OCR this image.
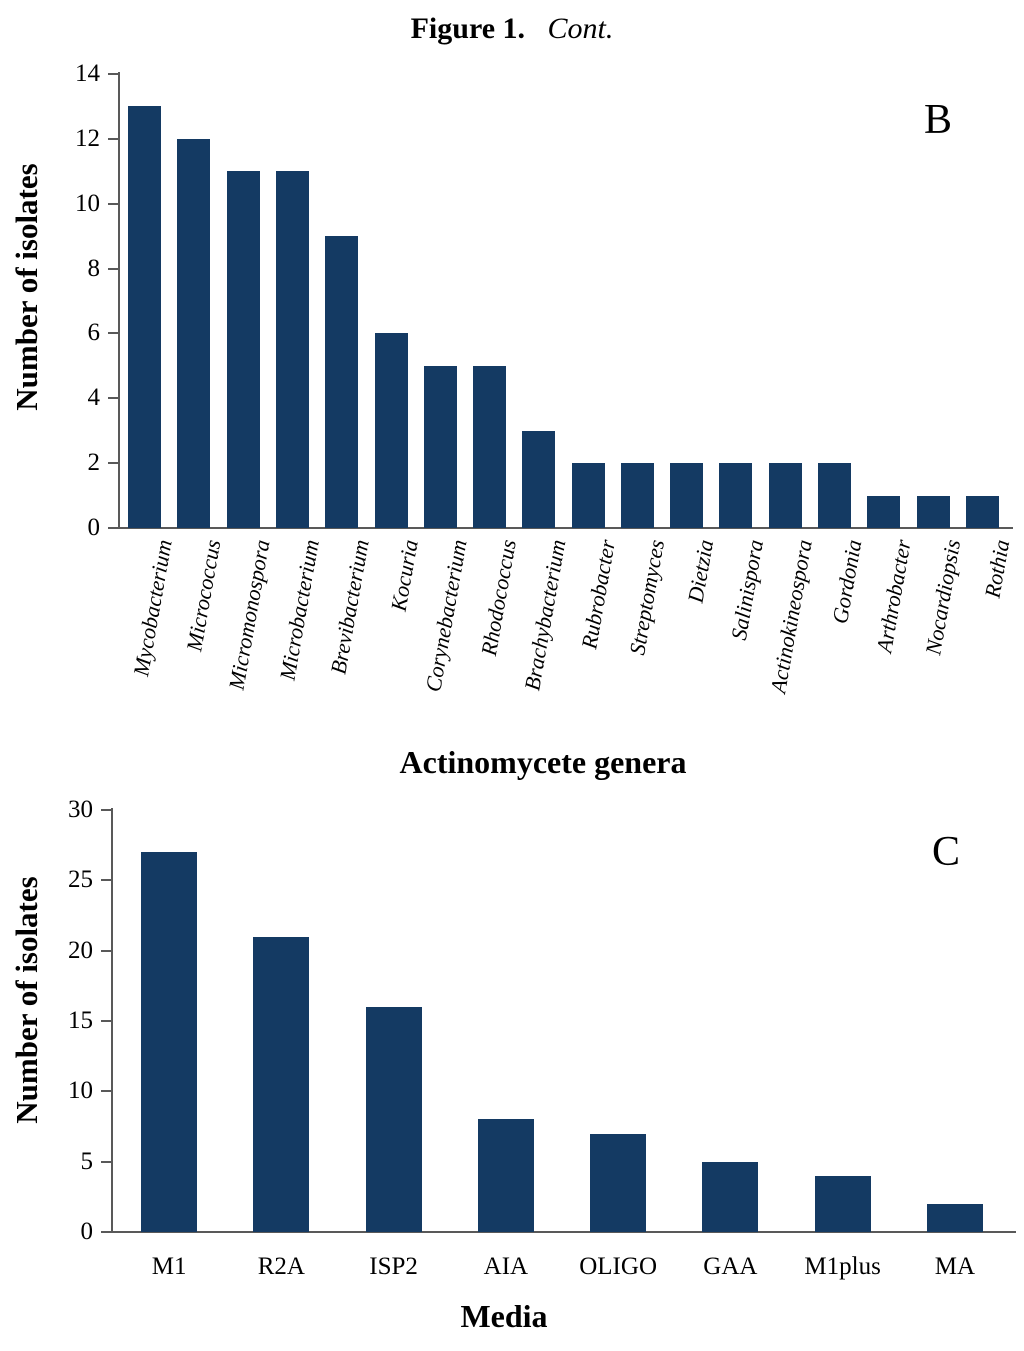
Figure 1. Cont.
Number of isolates
B
Actinomycete genera
Number of isolates
C
Media
0
2
4
6
8
10
12
14
Mycobacterium Micrococcus
Micromonospora Microbacterium Brevibacterium Kocuria
Corynebacterium Rhodococcus
Brachybacterium Rubrobacter Streptomyces Dietzia Salinispora
Actinokineospora Gordonia Arthrobacter Nocardiopsis Rothia
0
5
10
15
20
25
30
M1	R2A	ISP2	AIA	OLIGO	GAA	M1plus	MA
